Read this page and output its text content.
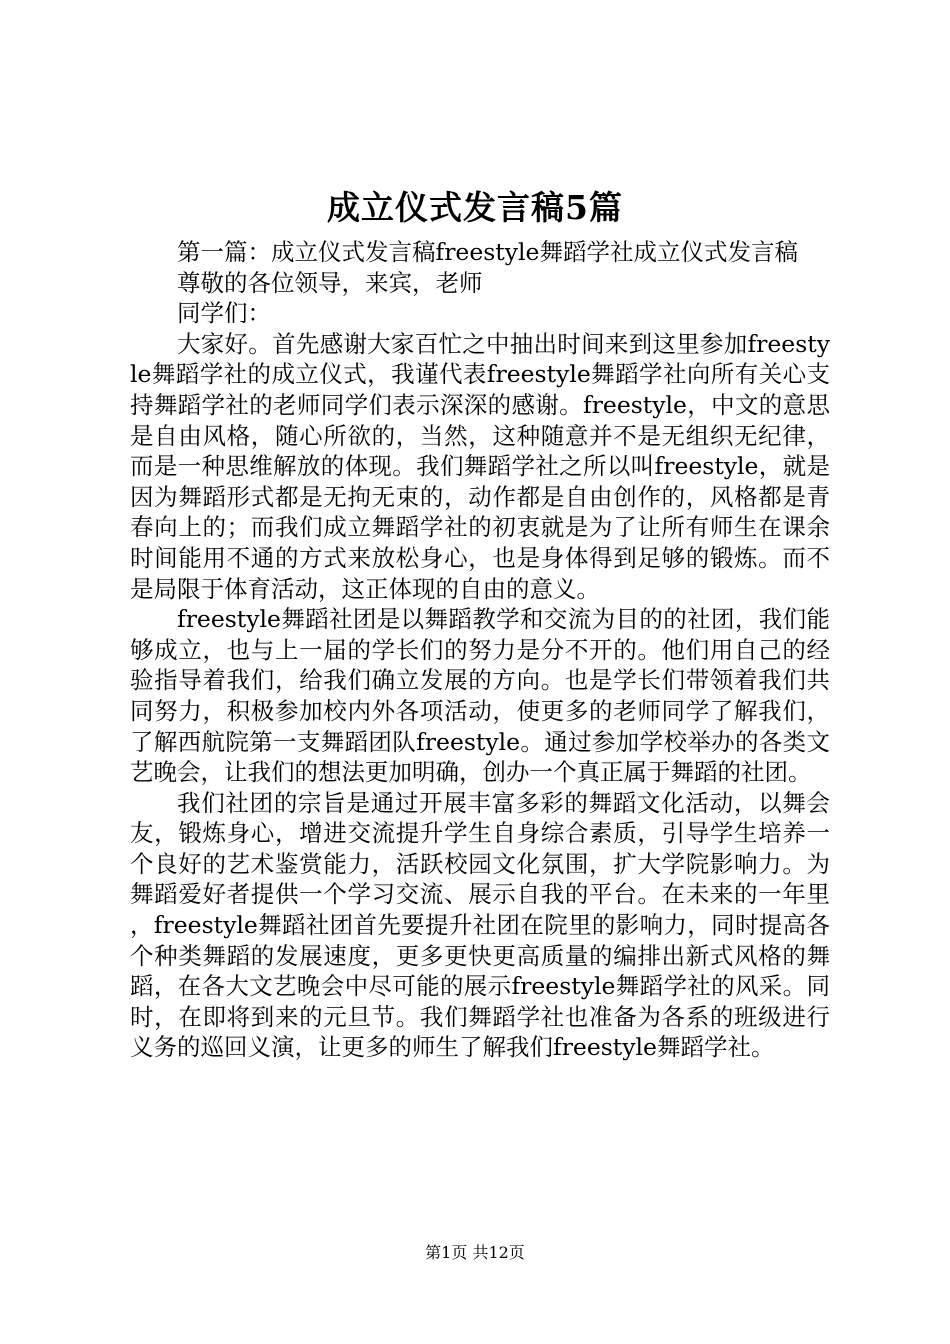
成立仪式发言稿5篇

第一篇：成立仪式发言稿freestyle舞蹈学社成立仪式发言稿

尊敬的各位领导，来宾，老师

同学们：

大家好。首先感谢大家百忙之中抽出时间来到这里参加freestyle舞蹈学社的成立仪式，我谨代表freestyle舞蹈学社向所有关心支持舞蹈学社的老师同学们表示深深的感谢。freestyle，中文的意思是自由风格，随心所欲的，当然，这种随意并不是无组织无纪律，而是一种思维解放的体现。我们舞蹈学社之所以叫freestyle，就是因为舞蹈形式都是无拘无束的，动作都是自由创作的，风格都是青春向上的；而我们成立舞蹈学社的初衷就是为了让所有师生在课余时间能用不通的方式来放松身心，也是身体得到足够的锻炼。而不是局限于体育活动，这正体现的自由的意义。

freestyle舞蹈社团是以舞蹈教学和交流为目的的社团，我们能够成立，也与上一届的学长们的努力是分不开的。他们用自己的经验指导着我们，给我们确立发展的方向。也是学长们带领着我们共同努力，积极参加校内外各项活动，使更多的老师同学了解我们，了解西航院第一支舞蹈团队freestyle。通过参加学校举办的各类文艺晚会，让我们的想法更加明确，创办一个真正属于舞蹈的社团。

我们社团的宗旨是通过开展丰富多彩的舞蹈文化活动，以舞会友，锻炼身心，增进交流提升学生自身综合素质，引导学生培养一个良好的艺术鉴赏能力，活跃校园文化氛围，扩大学院影响力。为舞蹈爱好者提供一个学习交流、展示自我的平台。在未来的一年里，freestyle舞蹈社团首先要提升社团在院里的影响力，同时提高各个种类舞蹈的发展速度，更多更快更高质量的编排出新式风格的舞蹈，在各大文艺晚会中尽可能的展示freestyle舞蹈学社的风采。同时，在即将到来的元旦节。我们舞蹈学社也准备为各系的班级进行义务的巡回义演，让更多的师生了解我们freestyle舞蹈学社。

第1页 共12页
